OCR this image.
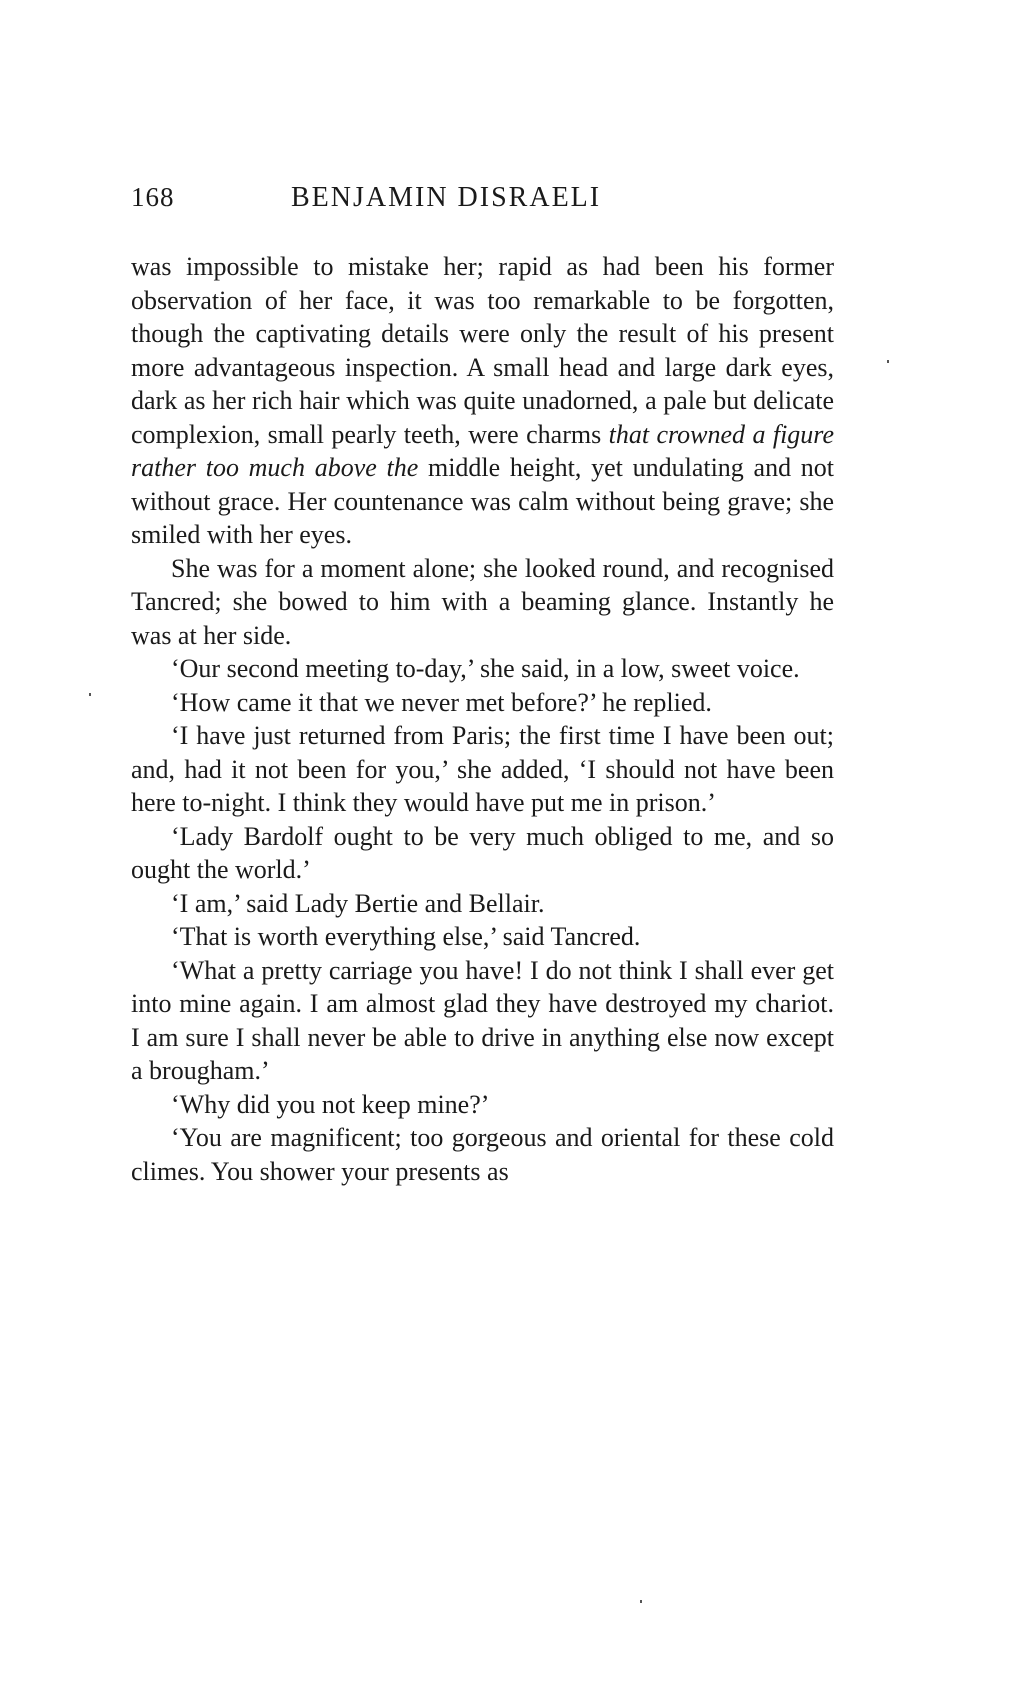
168	BENJAMIN DISRAELI

was impossible to mistake her; rapid as had been his former observation of her face, it was too remarkable to be forgotten, though the captivating details were only the result of his present more advantageous inspection. A small head and large dark eyes, dark as her rich hair which was quite unadorned, a pale but delicate complexion, small pearly teeth, were charms that crowned a figure rather too much above the middle height, yet undulating and not without grace. Her countenance was calm without being grave; she smiled with her eyes.

She was for a moment alone; she looked round, and recognised Tancred; she bowed to him with a beaming glance. Instantly he was at her side.

‘Our second meeting to-day,’ she said, in a low, sweet voice.

‘How came it that we never met before?’ he replied.

‘I have just returned from Paris; the first time I have been out; and, had it not been for you,’ she added, ‘I should not have been here to-night. I think they would have put me in prison.’

‘Lady Bardolf ought to be very much obliged to me, and so ought the world.’

‘I am,’ said Lady Bertie and Bellair.

‘That is worth everything else,’ said Tancred.

‘What a pretty carriage you have! I do not think I shall ever get into mine again. I am almost glad they have destroyed my chariot. I am sure I shall never be able to drive in anything else now except a brougham.’

‘Why did you not keep mine?’

‘You are magnificent; too gorgeous and oriental for these cold climes. You shower your presents as
